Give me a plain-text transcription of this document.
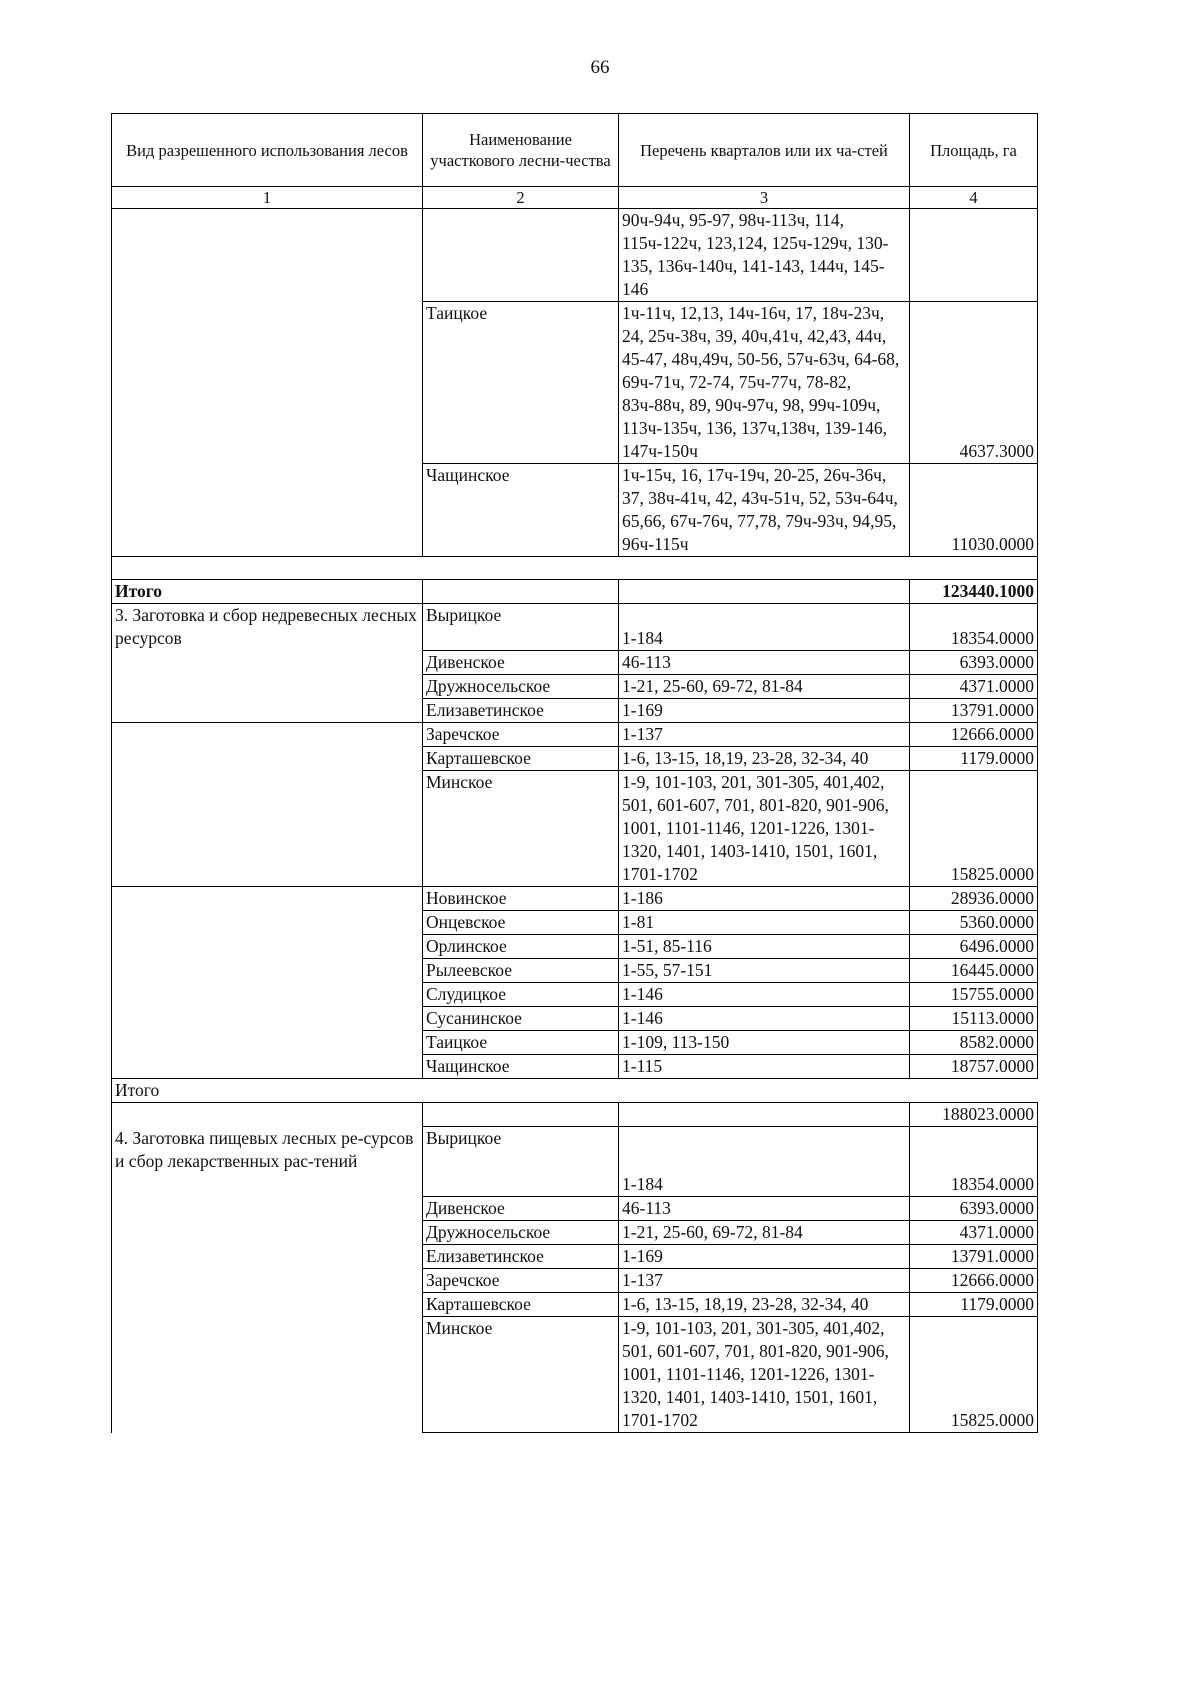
66
Вид разрешенного использования лесов	Наименование участкового лесни-чества	Перечень кварталов или их ча-стей	Площадь, га
1	2	3	4
		90ч-94ч, 95-97, 98ч-113ч, 114, 115ч-122ч, 123,124, 125ч-129ч, 130-135, 136ч-140ч, 141-143, 144ч, 145-146	
	Таицкое	1ч-11ч, 12,13, 14ч-16ч, 17, 18ч-23ч, 24, 25ч-38ч, 39, 40ч,41ч, 42,43, 44ч, 45-47, 48ч,49ч, 50-56, 57ч-63ч, 64-68, 69ч-71ч, 72-74, 75ч-77ч, 78-82, 83ч-88ч, 89, 90ч-97ч, 98, 99ч-109ч, 113ч-135ч, 136, 137ч,138ч, 139-146, 147ч-150ч	4637.3000
	Чащинское	1ч-15ч, 16, 17ч-19ч, 20-25, 26ч-36ч, 37, 38ч-41ч, 42, 43ч-51ч, 52, 53ч-64ч, 65,66, 67ч-76ч, 77,78, 79ч-93ч, 94,95, 96ч-115ч	11030.0000

Итого			123440.1000
3. Заготовка и сбор недревесных лесных ресурсов	Вырицкое	1-184	18354.0000
	Дивенское	46-113	6393.0000
	Дружносельское	1-21, 25-60, 69-72, 81-84	4371.0000
	Елизаветинское	1-169	13791.0000
	Заречское	1-137	12666.0000
	Карташевское	1-6, 13-15, 18,19, 23-28, 32-34, 40	1179.0000
	Минское	1-9, 101-103, 201, 301-305, 401,402, 501, 601-607, 701, 801-820, 901-906, 1001, 1101-1146, 1201-1226, 1301-1320, 1401, 1403-1410, 1501, 1601, 1701-1702	15825.0000
	Новинское	1-186	28936.0000
	Онцевское	1-81	5360.0000
	Орлинское	1-51, 85-116	6496.0000
	Рылеевское	1-55, 57-151	16445.0000
	Слудицкое	1-146	15755.0000
	Сусанинское	1-146	15113.0000
	Таицкое	1-109, 113-150	8582.0000
	Чащинское	1-115	18757.0000
Итого			
			188023.0000
4. Заготовка пищевых лесных ре-сурсов и сбор лекарственных рас-тений	Вырицкое	1-184	18354.0000
	Дивенское	46-113	6393.0000
	Дружносельское	1-21, 25-60, 69-72, 81-84	4371.0000
	Елизаветинское	1-169	13791.0000
	Заречское	1-137	12666.0000
	Карташевское	1-6, 13-15, 18,19, 23-28, 32-34, 40	1179.0000
	Минское	1-9, 101-103, 201, 301-305, 401,402, 501, 601-607, 701, 801-820, 901-906, 1001, 1101-1146, 1201-1226, 1301-1320, 1401, 1403-1410, 1501, 1601, 1701-1702	15825.0000
